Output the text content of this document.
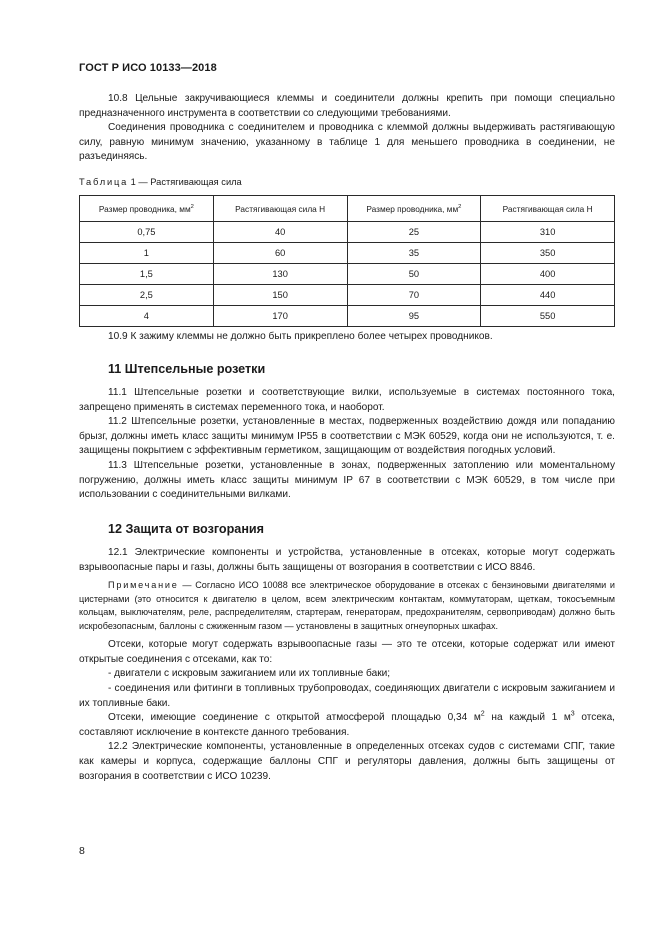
ГОСТ Р ИСО 10133—2018

10.8 Цельные закручивающиеся клеммы и соединители должны крепить при помощи специально предназначенного инструмента в соответствии со следующими требованиями.

Соединения проводника с соединителем и проводника с клеммой должны выдерживать растягивающую силу, равную минимум значению, указанному в таблице 1 для меньшего проводника в соединении, не разъединяясь.

Таблица 1 — Растягивающая сила
Размер проводника, $мм^2$	Растягивающая сила Н	Размер проводника, $мм^2$	Растягивающая сила Н
0,75	40	25	310
1	60	35	350
1,5	130	50	400
2,5	150	70	440
4	170	95	550

10.9 К зажиму клеммы не должно быть прикреплено более четырех проводников.

11 Штепсельные розетки

11.1 Штепсельные розетки и соответствующие вилки, используемые в системах постоянного тока, запрещено применять в системах переменного тока, и наоборот.

11.2 Штепсельные розетки, установленные в местах, подверженных воздействию дождя или попаданию брызг, должны иметь класс защиты минимум IP55 в соответствии с МЭК 60529, когда они не используются, т. е. защищены покрытием с эффективным герметиком, защищающим от воздействия погодных условий.

11.3 Штепсельные розетки, установленные в зонах, подверженных затоплению или моментальному погружению, должны иметь класс защиты минимум IP 67 в соответствии с МЭК 60529, в том числе при использовании с соединительными вилками.

12 Защита от возгорания

12.1 Электрические компоненты и устройства, установленные в отсеках, которые могут содержать взрывоопасные пары и газы, должны быть защищены от возгорания в соответствии с ИСО 8846.

Примечание — Согласно ИСО 10088 все электрическое оборудование в отсеках с бензиновыми двигателями и цистернами (это относится к двигателю в целом, всем электрическим контактам, коммутаторам, щеткам, токосъемным кольцам, выключателям, реле, распределителям, стартерам, генераторам, предохранителям, сервоприводам) должно быть искробезопасным, баллоны с сжиженным газом — установлены в защитных огнеупорных шкафах.

Отсеки, которые могут содержать взрывоопасные газы — это те отсеки, которые содержат или имеют открытые соединения с отсеками, как то:

- двигатели с искровым зажиганием или их топливные баки;

- соединения или фитинги в топливных трубопроводах, соединяющих двигатели с искровым зажиганием и их топливные баки.

Отсеки, имеющие соединение с открытой атмосферой площадью 0,34 $м^2$ на каждый 1 $м^3$ отсека, составляют исключение в контексте данного требования.

12.2 Электрические компоненты, установленные в определенных отсеках судов с системами СПГ, такие как камеры и корпуса, содержащие баллоны СПГ и регуляторы давления, должны быть защищены от возгорания в соответствии с ИСО 10239.

8
